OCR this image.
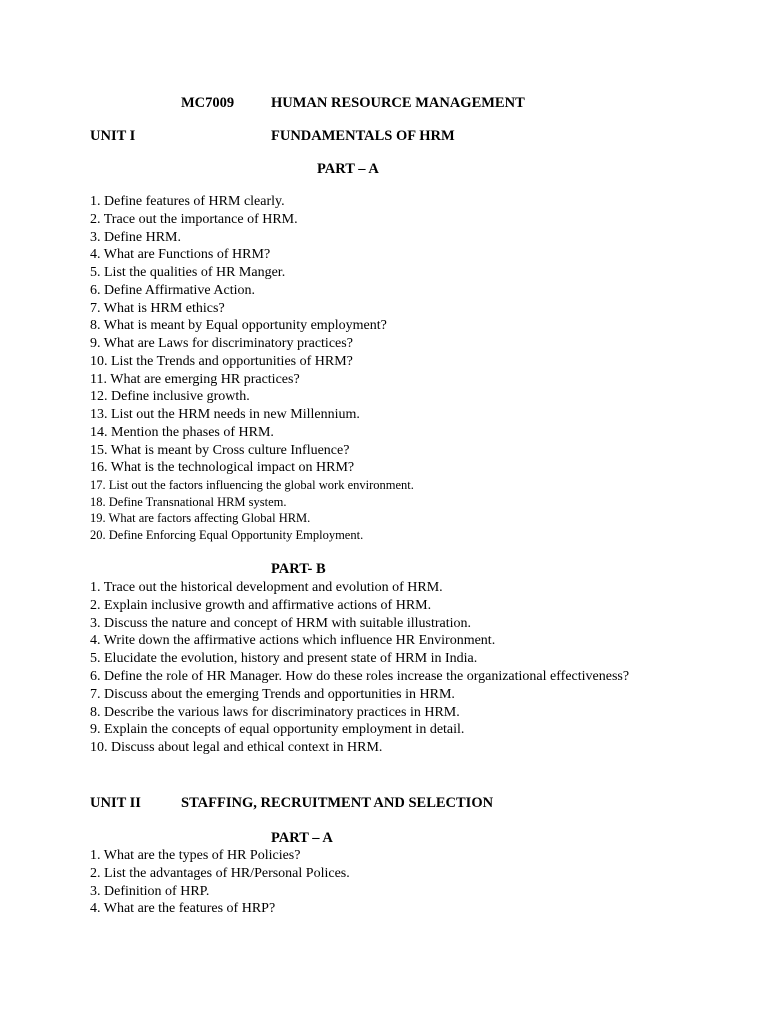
MC7009	HUMAN RESOURCE MANAGEMENT
UNIT I	FUNDAMENTALS OF HRM
PART – A
1. Define features of HRM clearly.
2. Trace out the importance of HRM.
3. Define HRM.
4. What are Functions of HRM?
5. List the qualities of HR Manger.
6. Define Affirmative Action.
7. What is HRM ethics?
8. What is meant by Equal opportunity employment?
9. What are Laws for discriminatory practices?
10. List the Trends and opportunities of HRM?
11. What are emerging HR practices?
12. Define inclusive growth.
13. List out the HRM needs in new Millennium.
14. Mention the phases of HRM.
15. What is meant by Cross culture Influence?
16. What is the technological impact on HRM?
17. List out the factors influencing the global work environment.
18. Define Transnational HRM system.
19. What are factors affecting Global HRM.
20. Define Enforcing Equal Opportunity Employment.
PART- B
1. Trace out the historical development and evolution of HRM.
2. Explain inclusive growth and affirmative actions of HRM.
3. Discuss the nature and concept of HRM with suitable illustration.
4. Write down the affirmative actions which influence HR Environment.
5. Elucidate the evolution, history and present state of HRM in India.
6. Define the role of HR Manager. How do these roles increase the organizational effectiveness?
7. Discuss about the emerging Trends and opportunities in HRM.
8. Describe the various laws for discriminatory practices in HRM.
9. Explain the concepts of equal opportunity employment in detail.
10. Discuss about legal and ethical context in HRM.
UNIT II	STAFFING, RECRUITMENT AND SELECTION
PART – A
1. What are the types of HR Policies?
2. List the advantages of HR/Personal Polices.
3. Definition of HRP.
4. What are the features of HRP?
